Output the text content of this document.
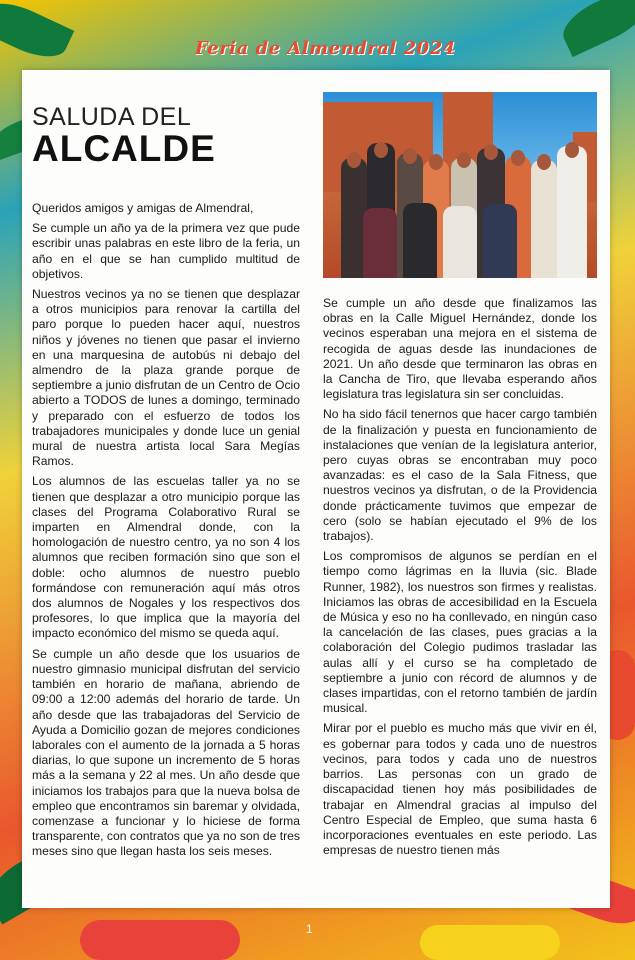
Feria de Almendral 2024
SALUDA DEL
ALCALDE

Queridos amigos y amigas de Almendral,

Se cumple un año ya de la primera vez que pude escribir unas palabras en este libro de la feria, un año en el que se han cumplido multitud de objetivos.

Nuestros vecinos ya no se tienen que desplazar a otros municipios para renovar la cartilla del paro porque lo pueden hacer aquí, nuestros niños y jóvenes no tienen que pasar el invierno en una marquesina de autobús ni debajo del almendro de la plaza grande porque de septiembre a junio disfrutan de un Centro de Ocio abierto a TODOS de lunes a domingo, terminado y preparado con el esfuerzo de todos los trabajadores municipales y donde luce un genial mural de nuestra artista local Sara Megías Ramos.

Los alumnos de las escuelas taller ya no se tienen que desplazar a otro municipio porque las clases del Programa Colaborativo Rural se imparten en Almendral donde, con la homologación de nuestro centro, ya no son 4 los alumnos que reciben formación sino que son el doble: ocho alumnos de nuestro pueblo formándose con remuneración aquí más otros dos alumnos de Nogales y los respectivos dos profesores, lo que implica que la mayoría del impacto económico del mismo se queda aquí.

Se cumple un año desde que los usuarios de nuestro gimnasio municipal disfrutan del servicio también en horario de mañana, abriendo de 09:00 a 12:00 además del horario de tarde. Un año desde que las trabajadoras del Servicio de Ayuda a Domicilio gozan de mejores condiciones laborales con el aumento de la jornada a 5 horas diarias, lo que supone un incremento de 5 horas más a la semana y 22 al mes. Un año desde que iniciamos los trabajos para que la nueva bolsa de empleo que encontramos sin baremar y olvidada, comenzase a funcionar y lo hiciese de forma transparente, con contratos que ya no son de tres meses sino que llegan hasta los seis meses.

Se cumple un año desde que finalizamos las obras en la Calle Miguel Hernández, donde los vecinos esperaban una mejora en el sistema de recogida de aguas desde las inundaciones de 2021. Un año desde que terminaron las obras en la Cancha de Tiro, que llevaba esperando años legislatura tras legislatura sin ser concluidas.

No ha sido fácil tenernos que hacer cargo también de la finalización y puesta en funcionamiento de instalaciones que venían de la legislatura anterior, pero cuyas obras se encontraban muy poco avanzadas: es el caso de la Sala Fitness, que nuestros vecinos ya disfrutan, o de la Providencia donde prácticamente tuvimos que empezar de cero (solo se habían ejecutado el 9% de los trabajos).

Los compromisos de algunos se perdían en el tiempo como lágrimas en la lluvia (sic. Blade Runner, 1982), los nuestros son firmes y realistas. Iniciamos las obras de accesibilidad en la Escuela de Música y eso no ha conllevado, en ningún caso la cancelación de las clases, pues gracias a la colaboración del Colegio pudimos trasladar las aulas allí y el curso se ha completado de septiembre a junio con récord de alumnos y de clases impartidas, con el retorno también de jardín musical.

Mirar por el pueblo es mucho más que vivir en él, es gobernar para todos y cada uno de nuestros vecinos, para todos y cada uno de nuestros barrios. Las personas con un grado de discapacidad tienen hoy más posibilidades de trabajar en Almendral gracias al impulso del Centro Especial de Empleo, que suma hasta 6 incorporaciones eventuales en este periodo. Las empresas de nuestro tienen más

1
